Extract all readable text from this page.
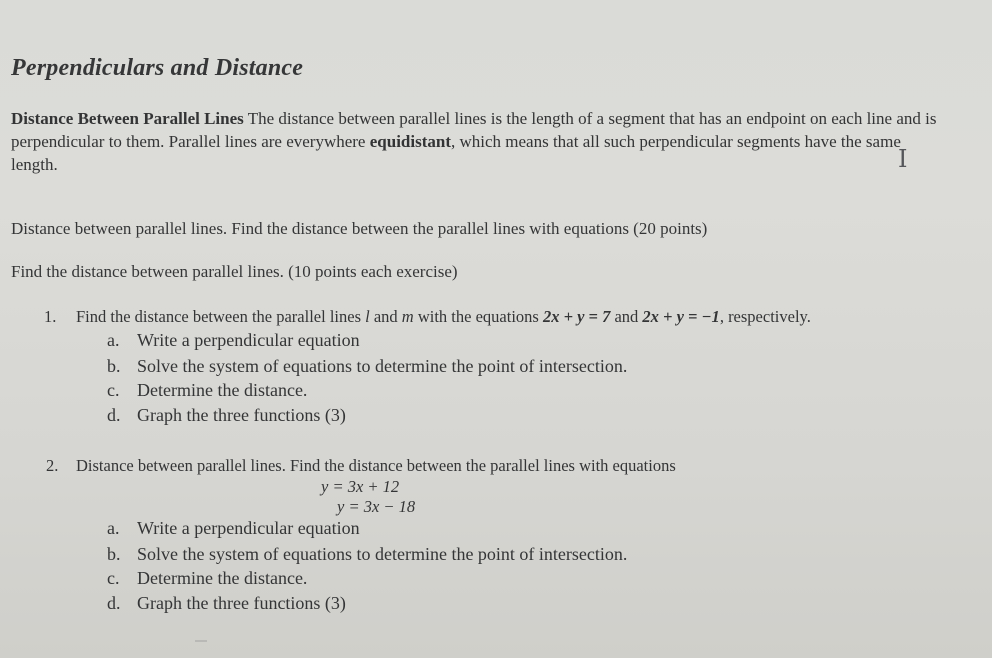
Perpendiculars and Distance
Distance Between Parallel Lines The distance between parallel lines is the length of a segment that has an endpoint on each line and is perpendicular to them. Parallel lines are everywhere equidistant, which means that all such perpendicular segments have the same length.	I
Distance between parallel lines. Find the distance between the parallel lines with equations (20 points)
Find the distance between parallel lines. (10 points each exercise)
1. Find the distance between the parallel lines l and m with the equations 2x + y = 7 and 2x + y = −1, respectively.
a. Write a perpendicular equation
b. Solve the system of equations to determine the point of intersection.
c. Determine the distance.
d. Graph the three functions (3)
2. Distance between parallel lines. Find the distance between the parallel lines with equations
y = 3x + 12
y = 3x − 18
a. Write a perpendicular equation
b. Solve the system of equations to determine the point of intersection.
c. Determine the distance.
d. Graph the three functions (3)
